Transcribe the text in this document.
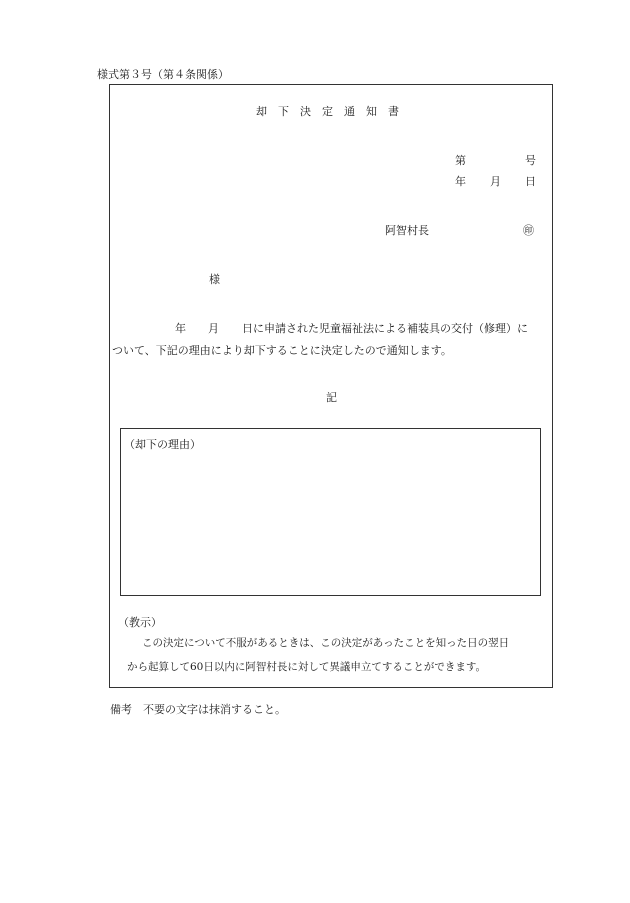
様式第３号（第４条関係）
却下決定通知書
第	号
年 月 日
阿智村長	㊞
様
年 月 日に申請された児童福祉法による補装具の交付（修理）に
ついて、下記の理由により却下することに決定したので通知します。
記
（却下の理由）
（教示）
この決定について不服があるときは、この決定があったことを知った日の翌日
から起算して60日以内に阿智村長に対して異議申立てすることができます。
備考　不要の文字は抹消すること。
